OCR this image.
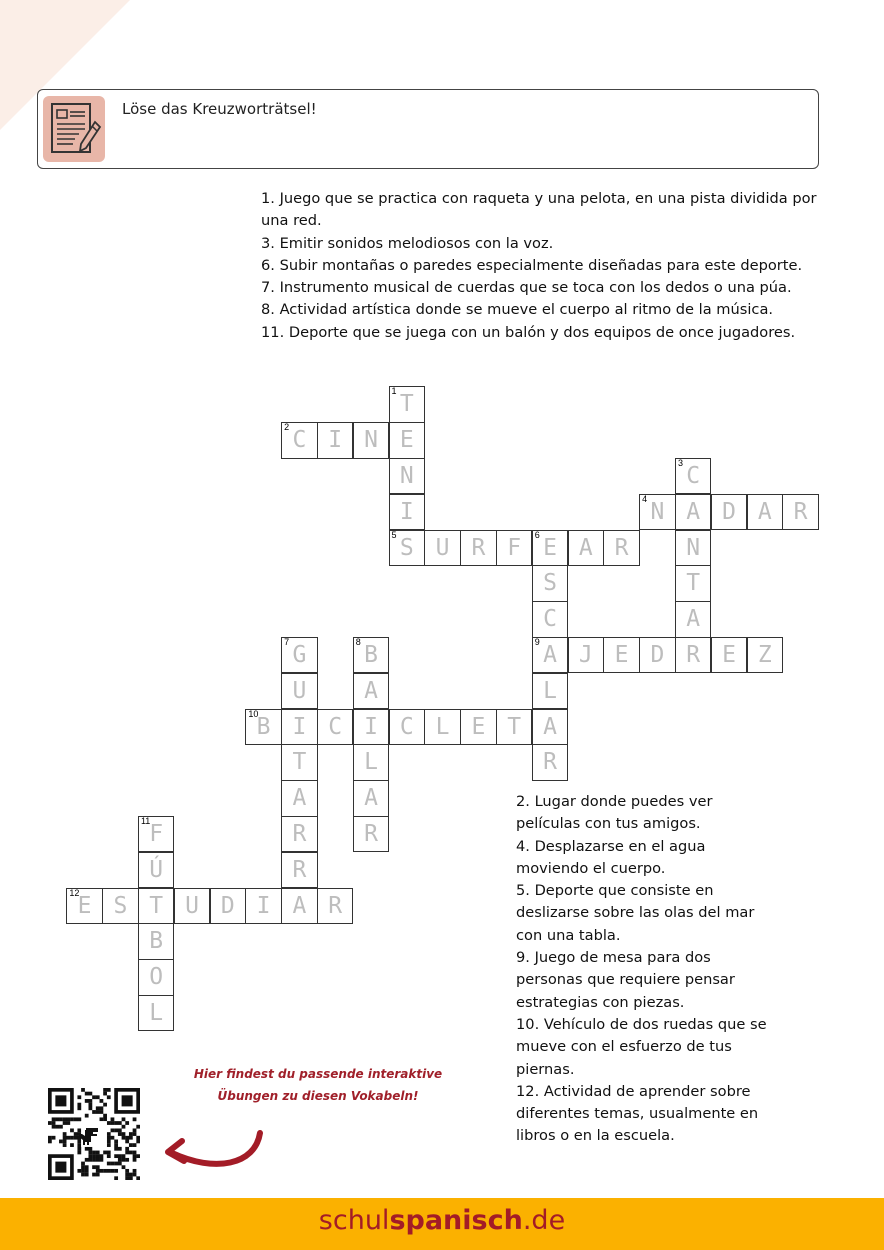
Löse das Kreuzworträtsel!

1. Juego que se practica con raqueta y una pelota, en una pista dividida por una red.

3. Emitir sonidos melodiosos con la voz.

6. Subir montañas o paredes especialmente diseñadas para este deporte.

7. Instrumento musical de cuerdas que se toca con los dedos o una púa.

8. Actividad artística donde se mueve el cuerpo al ritmo de la música.

11. Deporte que se juega con un balón y dos equipos de once jugadores.

T
1
E
N
I
S
5
C
2	I N
C
3
A
N
T
A
R
N
4	D A R
U R F E
6	A R
S
C
A
9
L
A
R
G
7
U
I
T
A
R
R
A
B
8
A
I
L
A
R
J E D	E Z
B
10	C	C L E T
F
11
Ú
T
B
O
L
E
12	S	U D I	R

2. Lugar donde puedes ver películas con tus amigos.

4. Desplazarse en el agua moviendo el cuerpo.

5. Deporte que consiste en deslizarse sobre las olas del mar con una tabla.

9. Juego de mesa para dos personas que requiere pensar estrategias con piezas.

10. Vehículo de dos ruedas que se mueve con el esfuerzo de tus piernas.

12. Actividad de aprender sobre diferentes temas, usualmente en libros o en la escuela.

Hier findest du passende interaktive
Übungen zu diesen Vokabeln!
schulspanisch.de
